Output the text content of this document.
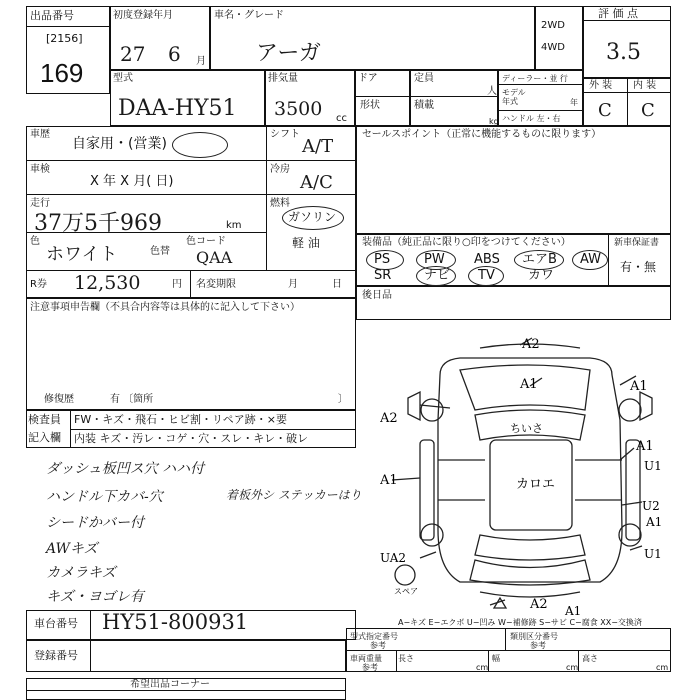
出品番号
[2156]
169
初度登録年月
27 6 月
車名・グレード
アーガ
2WD
4WD
評 価 点
3.5
外 装 内 装
C C
型式
DAA-HY51
排気量
3500 cc
ドア
形状
定員
積載
人
kg
ディーラー・並 行
モデル
年式	年
ハンドル 左・右
車歴
自家用・(営業)
シフト
A/T
車検
X 年 X 月( 日)
冷房
A/C
走行
37万5千969	km
燃料
ガソリン
軽 油
色
ホワイト	色替
色コード
QAA
R券 12,530	円 名変期限	月	日
セールスポイント（正常に機能するものに限ります）
装備品（純正品に限り○印をつけてください）	新車保証書
有・無
PS	PW ABS エアB AW
SR	ナビ TV	カワ
後日品
注意事項申告欄（不具合内容等は具体的に記入して下さい）
修復歴	有 〔箇所	〕
検査員
記入欄
FW・キズ・飛石・ヒビ割・リペア跡・×要
内装 キズ・汚レ・コゲ・穴・スレ・キレ・破レ
ダッシュ板凹ス穴 ハハ付
ハンドル下カバ-穴
シードかバー付
AWキズ
カメラキズ
キズ・ヨゴレ有
着板外シ ステッカーはり
A2
A1	A1
A2
A1
A1
U1
U2
A1
U1
UA2
A2 A1
ちいさ
カロエ
スペア
A−キズ E−エクボ U−凹み W−補修跡 S−サビ C−腐食 XX−交換済
車台番号 HY51-800931
登録番号
型式指定番号	類別区分番号
参考	参考
車両重量
参考
長さ
cm
幅
cm
高さ
cm
希望出品コーナー
